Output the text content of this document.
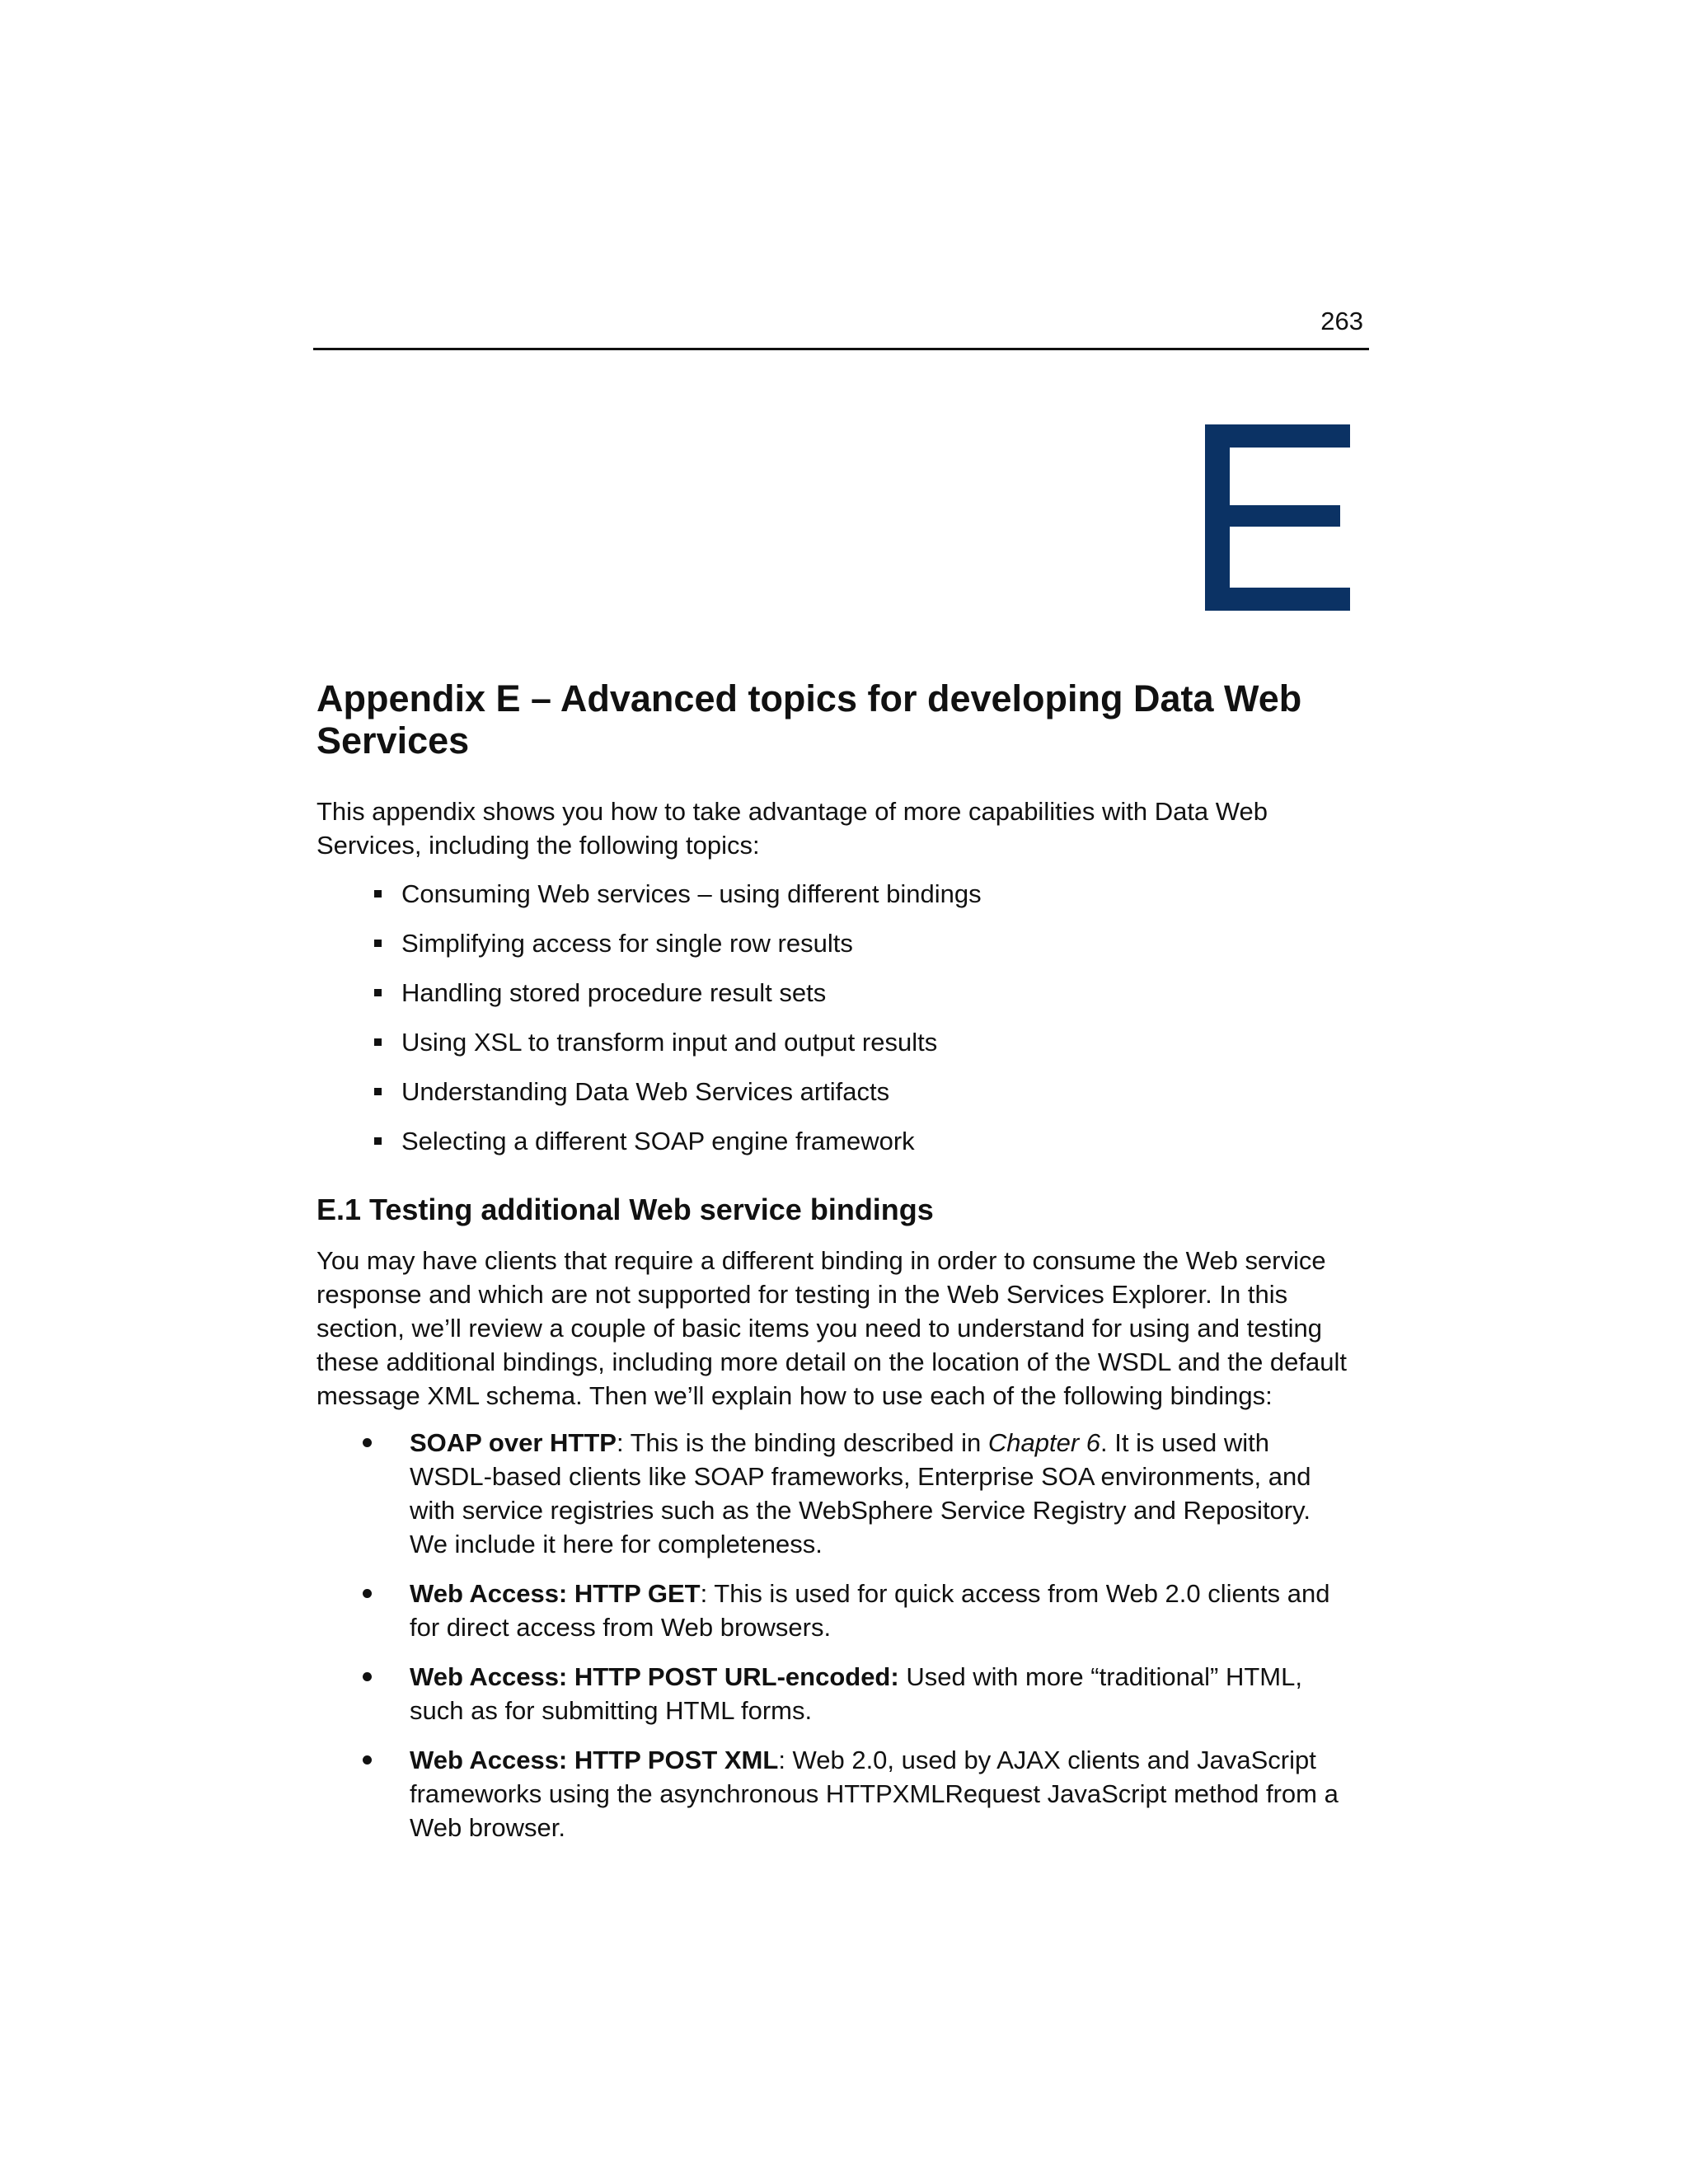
263
Appendix E – Advanced topics for developing Data Web Services

This appendix shows you how to take advantage of more capabilities with Data Web Services, including the following topics:

Consuming Web services – using different bindings
Simplifying access for single row results
Handling stored procedure result sets
Using XSL to transform input and output results
Understanding Data Web Services artifacts
Selecting a different SOAP engine framework
E.1 Testing additional Web service bindings

You may have clients that require a different binding in order to consume the Web service response and which are not supported for testing in the Web Services Explorer. In this section, we’ll review a couple of basic items you need to understand for using and testing these additional bindings, including more detail on the location of the WSDL and the default message XML schema. Then we’ll explain how to use each of the following bindings:

SOAP over HTTP: This is the binding described in Chapter 6. It is used with WSDL-based clients like SOAP frameworks, Enterprise SOA environments, and with service registries such as the WebSphere Service Registry and Repository. We include it here for completeness.
Web Access: HTTP GET: This is used for quick access from Web 2.0 clients and for direct access from Web browsers.
Web Access: HTTP POST URL-encoded: Used with more “traditional” HTML, such as for submitting HTML forms.
Web Access: HTTP POST XML: Web 2.0, used by AJAX clients and JavaScript frameworks using the asynchronous HTTPXMLRequest JavaScript method from a Web browser.
